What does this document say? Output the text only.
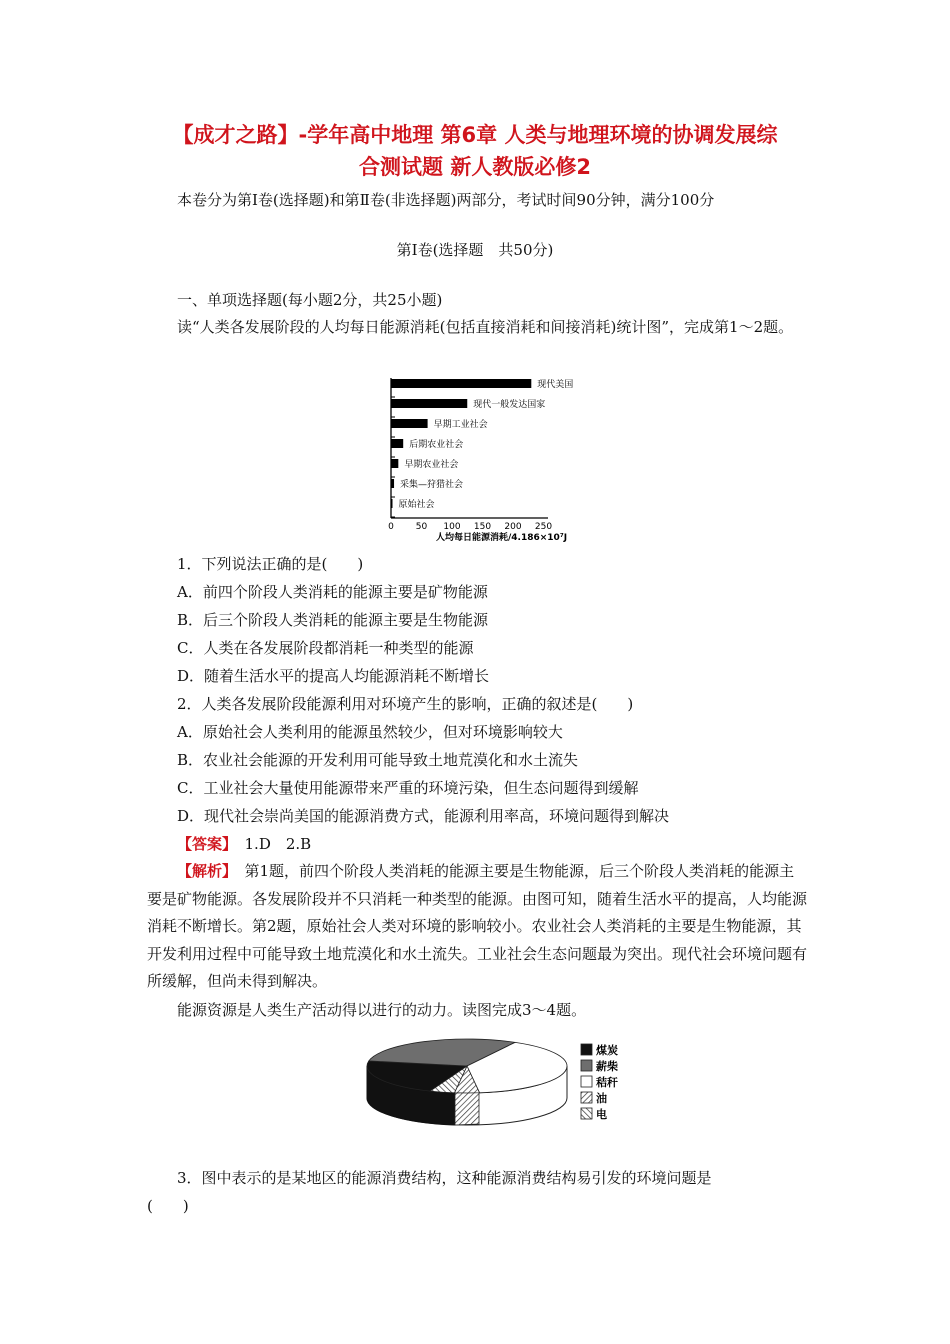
【成才之路】-学年高中地理 第6章 人类与地理环境的协调发展综
合测试题 新人教版必修2
本卷分为第Ⅰ卷(选择题)和第Ⅱ卷(非选择题)两部分，考试时间90分钟，满分100分
第Ⅰ卷(选择题　共50分)
一、单项选择题(每小题2分，共25小题)
读“人类各发展阶段的人均每日能源消耗(包括直接消耗和间接消耗)统计图”，完成第1～2题。
现代美国
现代一般发达国家
早期工业社会
后期农业社会
早期农业社会
采集—狩猎社会
原始社会
0 50 100 150 200 250
人均每日能源消耗/4.186×10⁷J
1．下列说法正确的是(　　)
A．前四个阶段人类消耗的能源主要是矿物能源
B．后三个阶段人类消耗的能源主要是生物能源
C．人类在各发展阶段都消耗一种类型的能源
D．随着生活水平的提高人均能源消耗不断增长
2．人类各发展阶段能源利用对环境产生的影响，正确的叙述是(　　)
A．原始社会人类利用的能源虽然较少，但对环境影响较大
B．农业社会能源的开发利用可能导致土地荒漠化和水土流失
C．工业社会大量使用能源带来严重的环境污染，但生态问题得到缓解
D．现代社会崇尚美国的能源消费方式，能源利用率高，环境问题得到解决
【答案】　1.D　2.B
【解析】　第1题，前四个阶段人类消耗的能源主要是生物能源，后三个阶段人类消耗的能源主要是矿物能源。各发展阶段并不只消耗一种类型的能源。由图可知，随着生活水平的提高，人均能源消耗不断增长。第2题，原始社会人类对环境的影响较小。农业社会人类消耗的主要是生物能源，其开发利用过程中可能导致土地荒漠化和水土流失。工业社会生态问题最为突出。现代社会环境问题有所缓解，但尚未得到解决。
能源资源是人类生产活动得以进行的动力。读图完成3～4题。
煤炭
薪柴
秸秆
油
电
3．图中表示的是某地区的能源消费结构，这种能源消费结构易引发的环境问题是
(　　)
